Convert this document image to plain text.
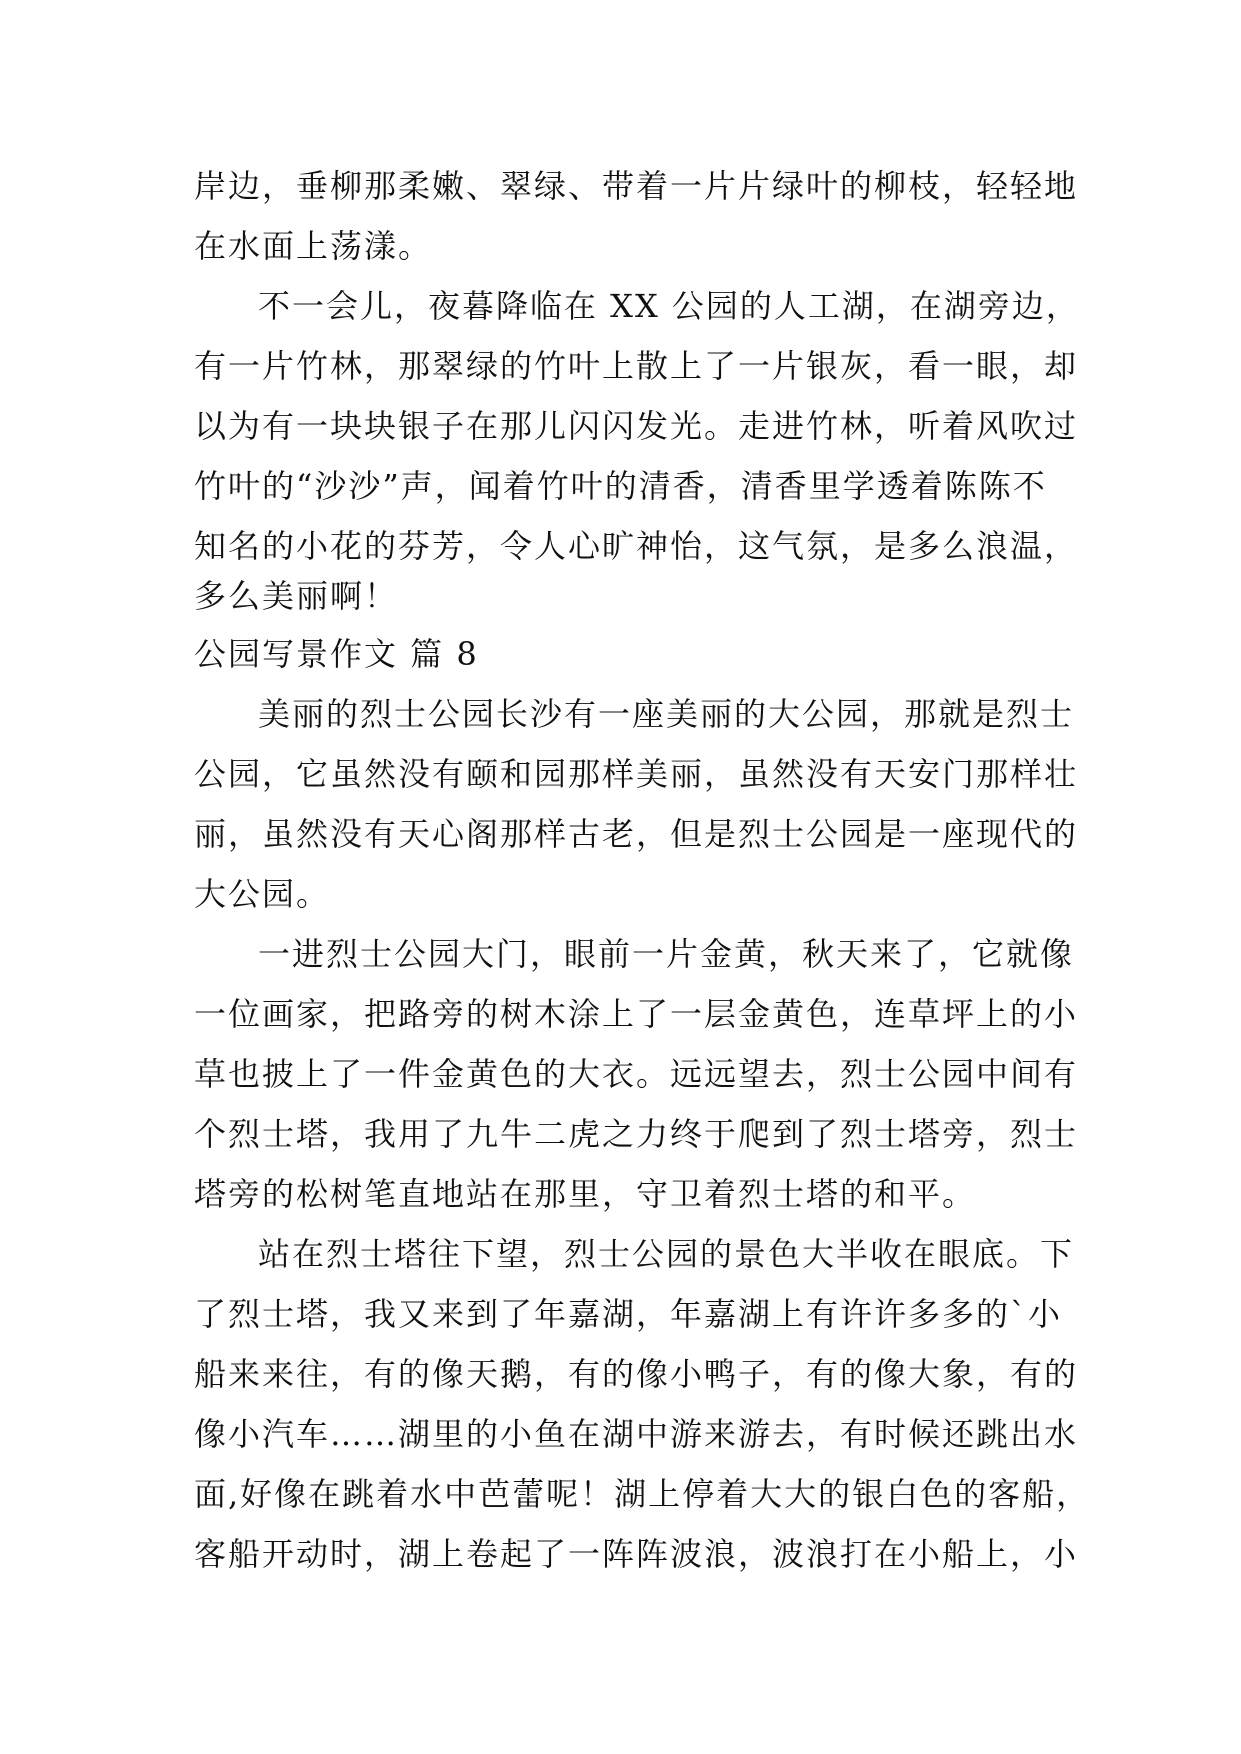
岸边，垂柳那柔嫩、翠绿、带着一片片绿叶的柳枝，轻轻地
在水面上荡漾。
不一会儿，夜暮降临在 XX 公园的人工湖，在湖旁边，
有一片竹林，那翠绿的竹叶上散上了一片银灰，看一眼，却
以为有一块块银子在那儿闪闪发光。走进竹林，听着风吹过
竹叶的“沙沙”声，闻着竹叶的清香，清香里学透着陈陈不
知名的小花的芬芳，令人心旷神怡，这气氛，是多么浪温，
多么美丽啊！
公园写景作文 篇 8
美丽的烈士公园长沙有一座美丽的大公园，那就是烈士
公园，它虽然没有颐和园那样美丽，虽然没有天安门那样壮
丽，虽然没有天心阁那样古老，但是烈士公园是一座现代的
大公园。
一进烈士公园大门，眼前一片金黄，秋天来了，它就像
一位画家，把路旁的树木涂上了一层金黄色，连草坪上的小
草也披上了一件金黄色的大衣。远远望去，烈士公园中间有
个烈士塔，我用了九牛二虎之力终于爬到了烈士塔旁，烈士
塔旁的松树笔直地站在那里，守卫着烈士塔的和平。
站在烈士塔往下望，烈士公园的景色大半收在眼底。下
了烈士塔，我又来到了年嘉湖，年嘉湖上有许许多多的`小
船来来往，有的像天鹅，有的像小鸭子，有的像大象，有的
像小汽车……湖里的小鱼在湖中游来游去，有时候还跳出水
面,好像在跳着水中芭蕾呢！湖上停着大大的银白色的客船，
客船开动时，湖上卷起了一阵阵波浪，波浪打在小船上，小
